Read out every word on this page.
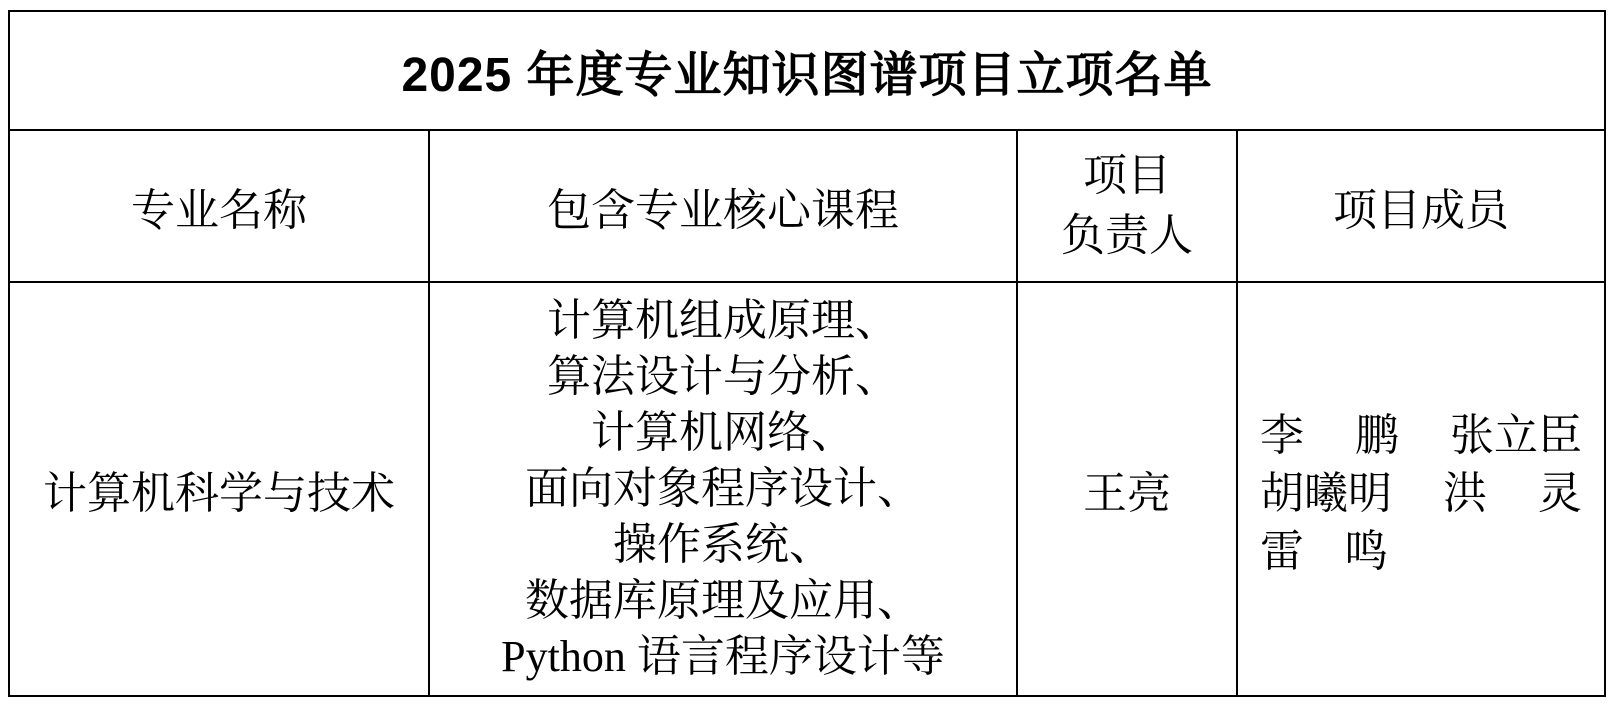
2025 年度专业知识图谱项目立项名单
专业名称	包含专业核心课程
项目
负责人
项目成员
计算机科学与技术
计算机组成原理、
算法设计与分析、
计算机网络、
面向对象程序设计、
操作系统、
数据库原理及应用、
Python 语言程序设计等
王亮
李 鹏 张立臣
胡曦明 洪 灵
雷 鸣
